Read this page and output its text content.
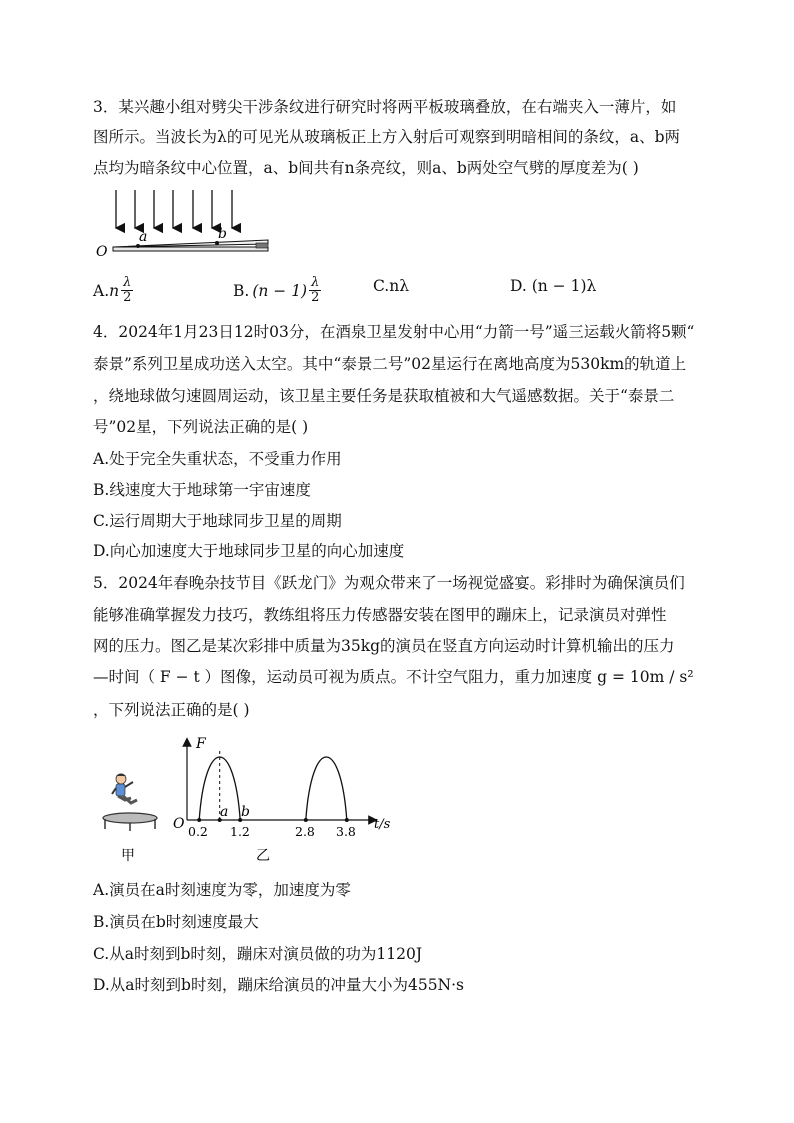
3．某兴趣小组对劈尖干涉条纹进行研究时将两平板玻璃叠放，在右端夹入一薄片，如
图所示。当波长为λ的可见光从玻璃板正上方入射后可观察到明暗相间的条纹，a、b两
点均为暗条纹中心位置，a、b间共有n条亮纹，则a、b两处空气劈的厚度差为( )
O
a	b
A. n $\frac{\lambda}{2}$	B. $(n - 1) \frac{\lambda}{2}$	C.nλ	D. (n − 1)λ
4．2024年1月23日12时03分，在酒泉卫星发射中心用“力箭一号”遥三运载火箭将5颗“
泰景”系列卫星成功送入太空。其中“泰景二号”02星运行在离地高度为530km的轨道上
，绕地球做匀速圆周运动，该卫星主要任务是获取植被和大气遥感数据。关于“泰景二
号”02星，下列说法正确的是( )
A.处于完全失重状态，不受重力作用
B.线速度大于地球第一宇宙速度
C.运行周期大于地球同步卫星的周期
D.向心加速度大于地球同步卫星的向心加速度
5．2024年春晚杂技节目《跃龙门》为观众带来了一场视觉盛宴。彩排时为确保演员们
能够准确掌握发力技巧，教练组将压力传感器安装在图甲的蹦床上，记录演员对弹性
网的压力。图乙是某次彩排中质量为35kg的演员在竖直方向运动时计算机输出的压力
—时间（ F − t ）图像，运动员可视为质点。不计空气阻力，重力加速度 g = 10m / s²
，下列说法正确的是( )
甲
F
t/s
O 0.2 1.2	2.8 3.8
a b
乙
A.演员在a时刻速度为零，加速度为零
B.演员在b时刻速度最大
C.从a时刻到b时刻，蹦床对演员做的功为1120J
D.从a时刻到b时刻，蹦床给演员的冲量大小为455N·s
